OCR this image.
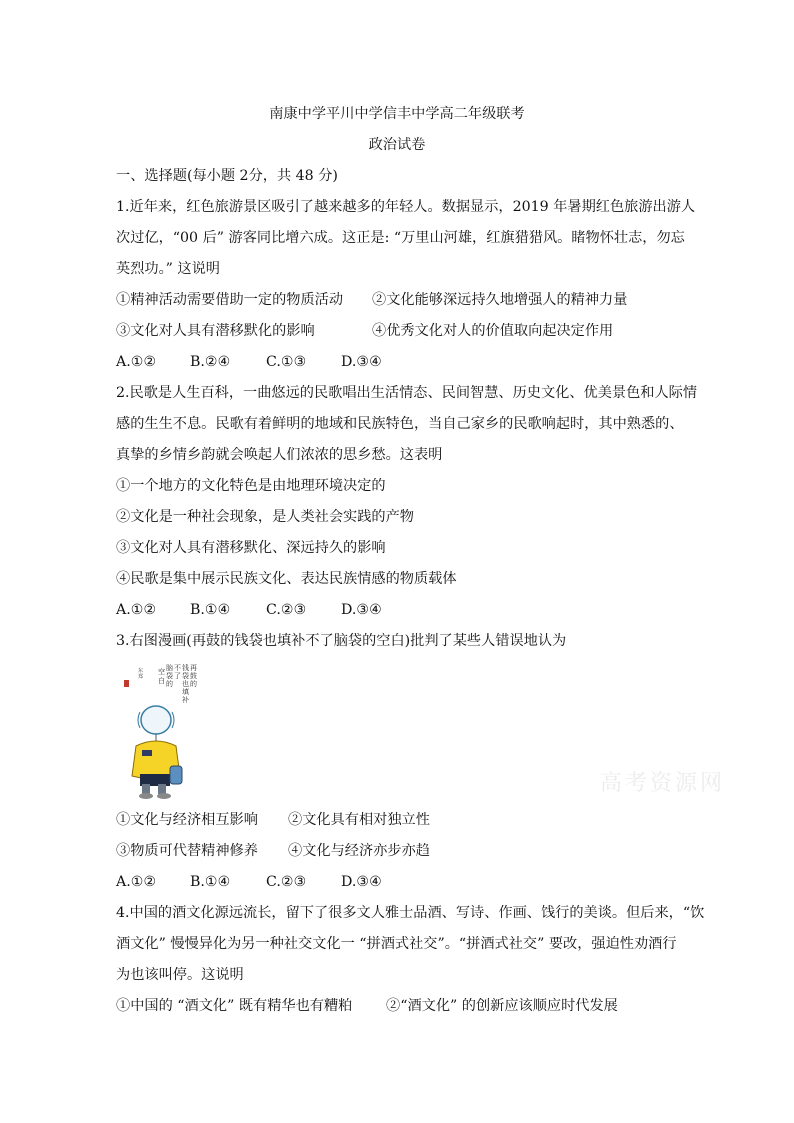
南康中学平川中学信丰中学高二年级联考
政治试卷
一、选择题(每小题 2分，共 48 分)
1.近年来，红色旅游景区吸引了越来越多的年轻人。数据显示，2019 年暑期红色旅游出游人
次过亿，“00 后” 游客同比增六成。这正是: “万里山河雄，红旗猎猎风。睹物怀壮志，勿忘
英烈功。” 这说明
①精神活动需要借助一定的物质活动 ②文化能够深远持久地增强人的精神力量
③文化对人具有潜移默化的影响	④优秀文化对人的价值取向起决定作用
A.①② B.②④	C.①③ D.③④
2.民歌是人生百科，一曲悠远的民歌唱出生活情态、民间智慧、历史文化、优美景色和人际情
感的生生不息。民歌有着鲜明的地域和民族特色，当自己家乡的民歌响起时，其中熟悉的、
真挚的乡情乡韵就会唤起人们浓浓的思乡愁。这表明
①一个地方的文化特色是由地理环境决定的
②文化是一种社会现象，是人类社会实践的产物
③文化对人具有潜移默化、深远持久的影响
④民歌是集中展示民族文化、表达民族情感的物质载体
A.①② B.①④	C.②③ D.③④
3.右图漫画(再鼓的钱袋也填补不了脑袋的空白)批判了某些人错误地认为
再
鼓
的
钱
袋
也
填
补
不
了
脑
袋
的
空
白
东
郑
高考资源网
①文化与经济相互影响 ②文化具有相对独立性
③物质可代替精神修养 ④文化与经济亦步亦趋
A.①② B.①④	C.②③ D.③④
4.中国的酒文化源远流长，留下了很多文人雅士品酒、写诗、作画、饯行的美谈。但后来，“饮
酒文化” 慢慢异化为另一种社交文化一 “拼酒式社交”。“拼酒式社交” 要改，强迫性劝酒行
为也该叫停。这说明
①中国的 “酒文化” 既有精华也有糟粕 ②“酒文化” 的创新应该顺应时代发展
